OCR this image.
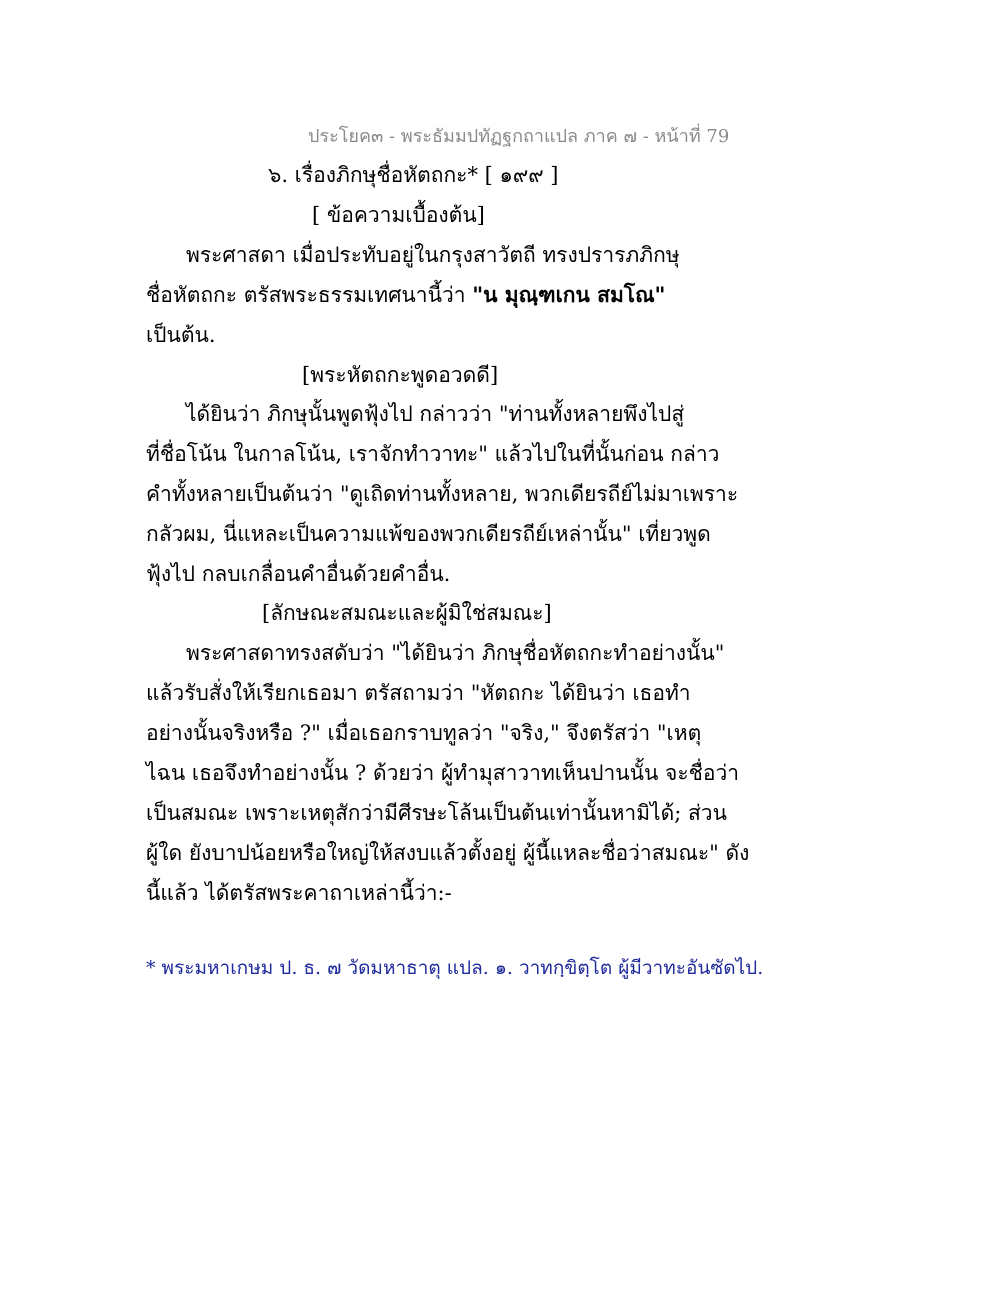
ประโยค๓ - พระธัมมปทัฏฐกถาแปล ภาค ๗ - หน้าที่ 79
๖. เรื่องภิกษุชื่อหัตถกะ* [ ๑๙๙ ]
[ ข้อความเบื้องต้น]
พระศาสดา เมื่อประทับอยู่ในกรุงสาวัตถี ทรงปรารภภิกษุ
ชื่อหัตถกะ ตรัสพระธรรมเทศนานี้ว่า "น มุณฺฑเกน สมโณ"
เป็นต้น.
[พระหัตถกะพูดอวดดี]
ได้ยินว่า ภิกษุนั้นพูดฟุ้งไป กล่าวว่า "ท่านทั้งหลายพึงไปสู่
ที่ชื่อโน้น ในกาลโน้น, เราจักทำวาทะ" แล้วไปในที่นั้นก่อน กล่าว
คำทั้งหลายเป็นต้นว่า "ดูเถิดท่านทั้งหลาย, พวกเดียรถีย์ไม่มาเพราะ
กลัวผม, นี่แหละเป็นความแพ้ของพวกเดียรถีย์เหล่านั้น" เที่ยวพูด
ฟุ้งไป กลบเกลื่อนคำอื่นด้วยคำอื่น.
[ลักษณะสมณะและผู้มิใช่สมณะ]
พระศาสดาทรงสดับว่า "ได้ยินว่า ภิกษุชื่อหัตถกะทำอย่างนั้น"
แล้วรับสั่งให้เรียกเธอมา ตรัสถามว่า "หัตถกะ ได้ยินว่า เธอทำ
อย่างนั้นจริงหรือ ?" เมื่อเธอกราบทูลว่า "จริง," จึงตรัสว่า "เหตุ
ไฉน เธอจึงทำอย่างนั้น ? ด้วยว่า ผู้ทำมุสาวาทเห็นปานนั้น จะชื่อว่า
เป็นสมณะ เพราะเหตุสักว่ามีศีรษะโล้นเป็นต้นเท่านั้นหามิได้; ส่วน
ผู้ใด ยังบาปน้อยหรือใหญ่ให้สงบแล้วตั้งอยู่ ผู้นี้แหละชื่อว่าสมณะ" ดัง
นี้แล้ว ได้ตรัสพระคาถาเหล่านี้ว่า:-
* พระมหาเกษม ป. ธ. ๗ วัดมหาธาตุ แปล. ๑. วาทกฺขิตฺโต ผู้มีวาทะอันซัดไป.
